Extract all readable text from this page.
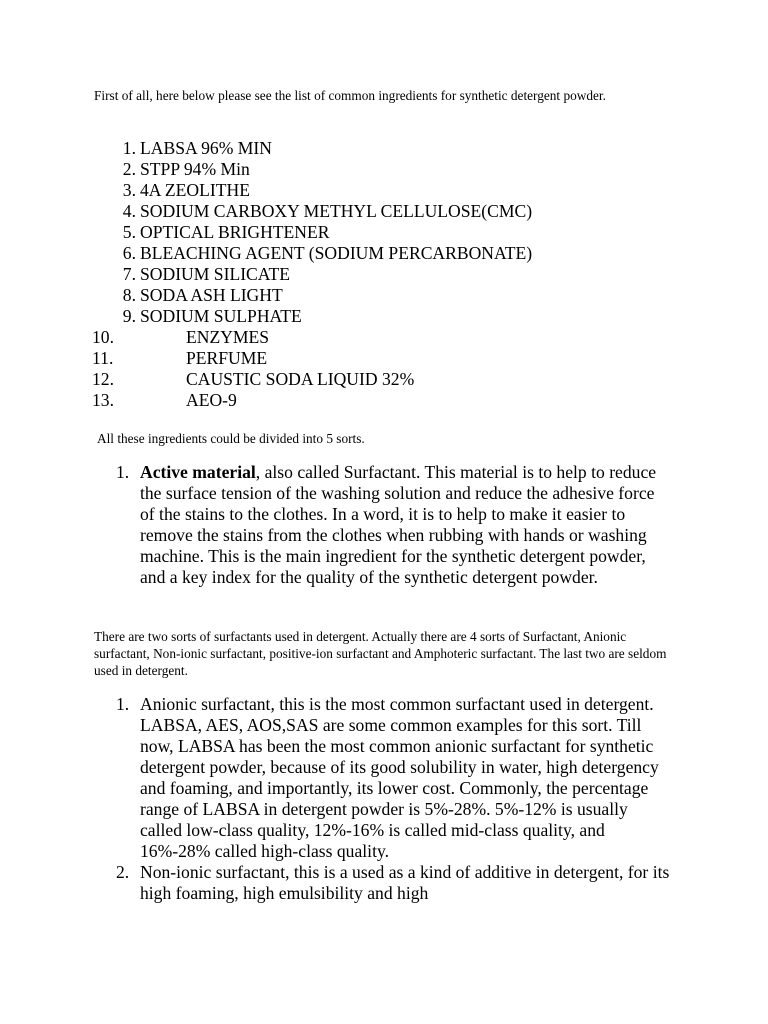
First of all, here below please see the list of common ingredients for synthetic detergent powder.

1. LABSA 96% MIN
2. STPP 94% Min
3. 4A ZEOLITHE
4. SODIUM CARBOXY METHYL CELLULOSE(CMC)
5. OPTICAL BRIGHTENER
6. BLEACHING AGENT (SODIUM PERCARBONATE)
7. SODIUM SILICATE
8. SODA ASH LIGHT
9. SODIUM SULPHATE
10.	ENZYMES
11.	PERFUME
12.	CAUSTIC SODA LIQUID 32%
13.	AEO-9

All these ingredients could be divided into 5 sorts.

1. Active material, also called Surfactant. This material is to help to reduce the surface tension of the washing solution and reduce the adhesive force of the stains to the clothes. In a word, it is to help to make it easier to remove the stains from the clothes when rubbing with hands or washing machine. This is the main ingredient for the synthetic detergent powder, and a key index for the quality of the synthetic detergent powder.

There are two sorts of surfactants used in detergent. Actually there are 4 sorts of Surfactant, Anionic surfactant, Non-ionic surfactant, positive-ion surfactant and Amphoteric surfactant. The last two are seldom used in detergent.

1. Anionic surfactant, this is the most common surfactant used in detergent. LABSA, AES, AOS,SAS are some common examples for this sort. Till now, LABSA has been the most common anionic surfactant for synthetic detergent powder, because of its good solubility in water, high detergency and foaming, and importantly, its lower cost. Commonly, the percentage range of LABSA in detergent powder is 5%-28%. 5%-12% is usually called low-class quality, 12%-16% is called mid-class quality, and 16%-28% called high-class quality.
2. Non-ionic surfactant, this is a used as a kind of additive in detergent, for its high foaming, high emulsibility and high
